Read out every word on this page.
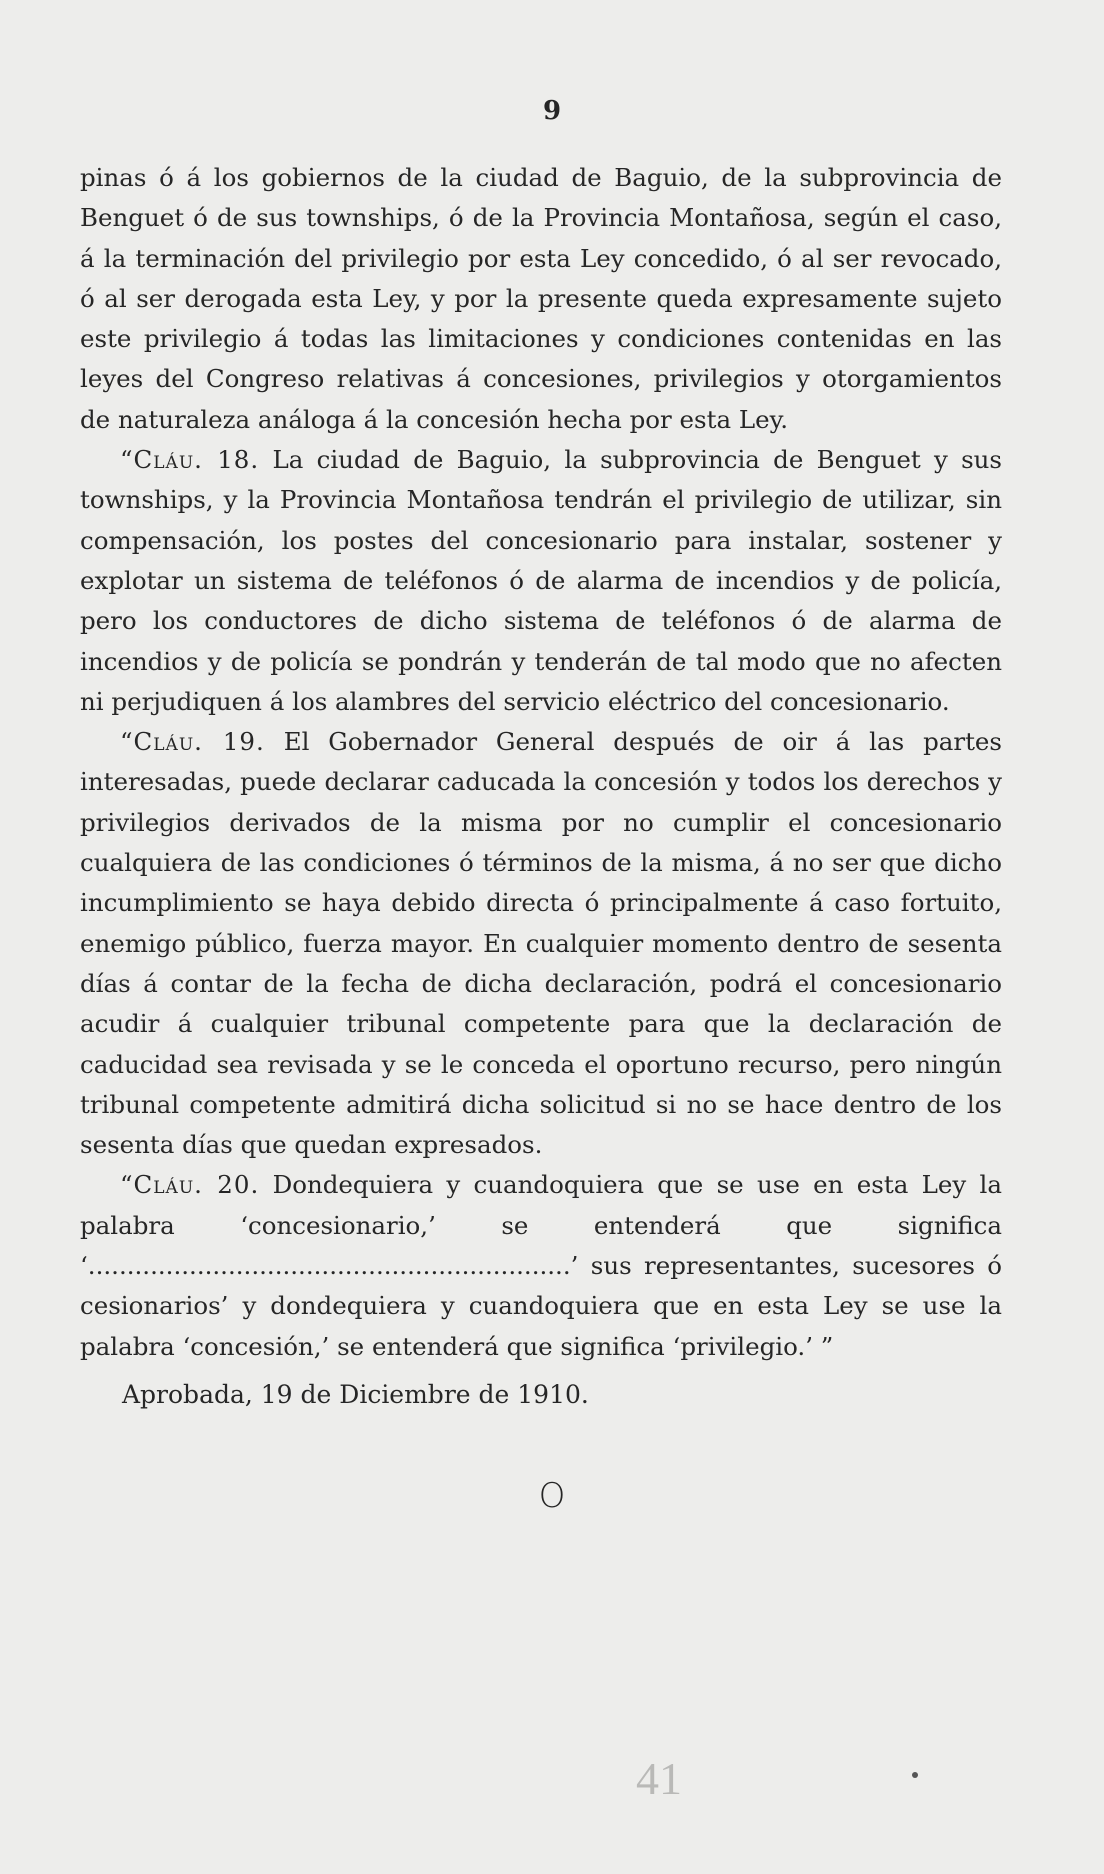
9

pinas ó á los gobiernos de la ciudad de Baguio, de la subprovincia de Benguet ó de sus townships, ó de la Provincia Montañosa, según el caso, á la terminación del privilegio por esta Ley concedido, ó al ser revocado, ó al ser derogada esta Ley, y por la presente queda expresamente sujeto este privilegio á todas las limitaciones y condiciones contenidas en las leyes del Congreso relativas á concesiones, privilegios y otorgamientos de naturaleza análoga á la concesión hecha por esta Ley.

“Cláu. 18. La ciudad de Baguio, la subprovincia de Benguet y sus townships, y la Provincia Montañosa tendrán el privilegio de utilizar, sin compensación, los postes del concesionario para instalar, sostener y explotar un sistema de teléfonos ó de alarma de incendios y de policía, pero los conductores de dicho sistema de teléfonos ó de alarma de incendios y de policía se pondrán y tenderán de tal modo que no afecten ni perjudiquen á los alambres del servicio eléctrico del concesionario.

“Cláu. 19. El Gobernador General después de oir á las partes interesadas, puede declarar caducada la concesión y todos los derechos y privilegios derivados de la misma por no cumplir el concesionario cualquiera de las condiciones ó términos de la misma, á no ser que dicho incumplimiento se haya debido directa ó principalmente á caso fortuito, enemigo público, fuerza mayor. En cualquier momento dentro de sesenta días á contar de la fecha de dicha declaración, podrá el concesionario acudir á cualquier tribunal competente para que la declaración de caducidad sea revisada y se le conceda el oportuno recurso, pero ningún tribunal competente admitirá dicha solicitud si no se hace dentro de los sesenta días que quedan expresados.

“Cláu. 20. Dondequiera y cuandoquiera que se use en esta Ley la palabra ‘concesionario,’ se entenderá que significa ‘..............................................................’ sus representantes, sucesores ó cesionarios’ y dondequiera y cuandoquiera que en esta Ley se use la palabra ‘concesión,’ se entenderá que significa ‘privilegio.’ ”

Aprobada, 19 de Diciembre de 1910.

O
41
